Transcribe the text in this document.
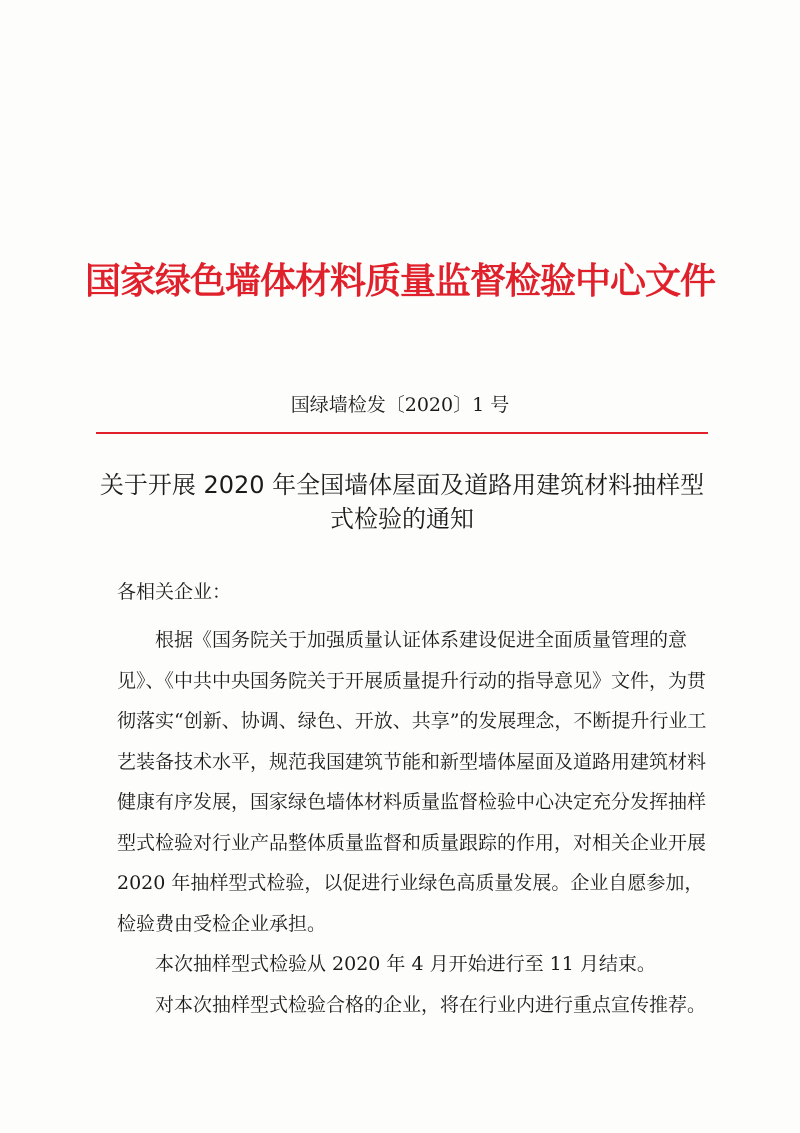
国家绿色墙体材料质量监督检验中心文件
国绿墙检发〔2020〕1 号
关于开展 2020 年全国墙体屋面及道路用建筑材料抽样型式检验的通知
各相关企业：

根据《国务院关于加强质量认证体系建设促进全面质量管理的意见》、《中共中央国务院关于开展质量提升行动的指导意见》文件，为贯彻落实“创新、协调、绿色、开放、共享”的发展理念，不断提升行业工艺装备技术水平，规范我国建筑节能和新型墙体屋面及道路用建筑材料健康有序发展，国家绿色墙体材料质量监督检验中心决定充分发挥抽样型式检验对行业产品整体质量监督和质量跟踪的作用，对相关企业开展 2020 年抽样型式检验，以促进行业绿色高质量发展。企业自愿参加，检验费由受检企业承担。

本次抽样型式检验从 2020 年 4 月开始进行至 11 月结束。

对本次抽样型式检验合格的企业，将在行业内进行重点宣传推荐。
